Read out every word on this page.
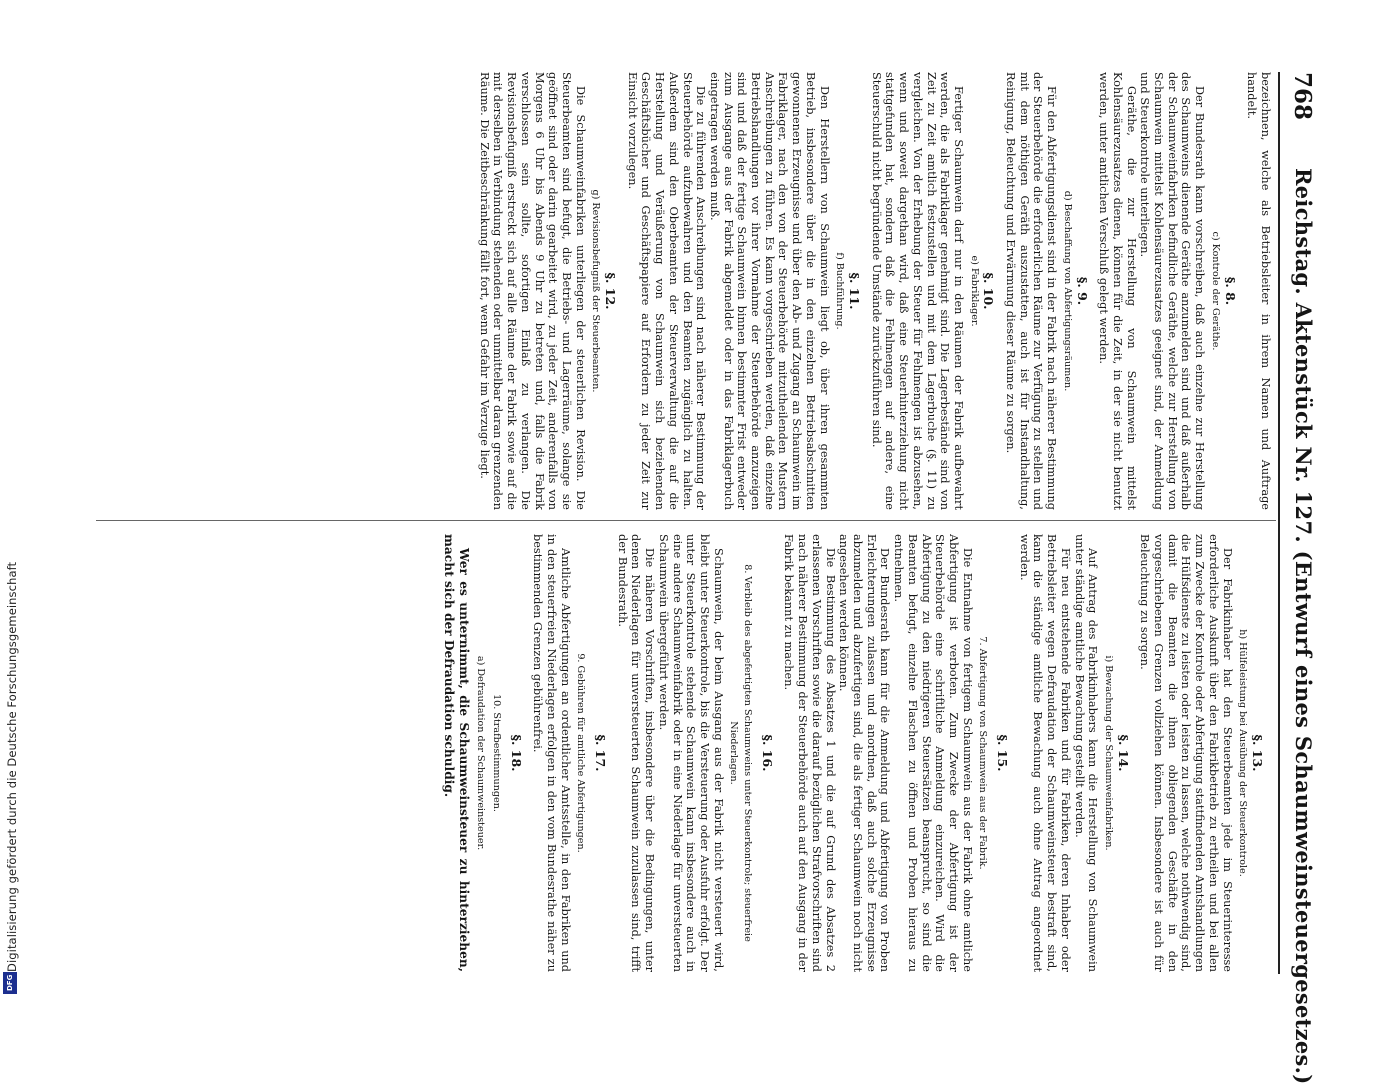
Digitalisierung gefördert durch die Deutsche Forschungsgemeinschaft
DFG
768
Reichstag. Aktenstück Nr. 127. (Entwurf eines Schaumweinsteuergesetzes.)

bezeichnen, welche als Betriebsleiter in ihrem Namen und Auftrage handelt.

§. 8.
c) Kontrole der Geräthe.

Der Bundesrath kann vorschreiben, daß auch einzelne zur Herstellung des Schaumweins dienende Geräthe anzumelden sind und daß außerhalb der Schaumweinfabriken befindliche Geräthe, welche zur Herstellung von Schaumwein mittelst Kohlensäurezusatzes geeignet sind, der Anmeldung und Steuerkontrole unterliegen.

Geräthe, die zur Herstellung von Schaumwein mittelst Kohlensäurezusatzes dienen, können für die Zeit, in der sie nicht benutzt werden, unter amtlichen Verschluß gelegt werden.

§. 9.
d) Beschaffung von Abfertigungsräumen.

Für den Abfertigungsdienst sind in der Fabrik nach näherer Bestimmung der Steuerbehörde die erforderlichen Räume zur Verfügung zu stellen und mit dem nöthigen Geräth auszustatten, auch ist für Instandhaltung, Reinigung, Beleuchtung und Erwärmung dieser Räume zu sorgen.

§. 10.
e) Fabriklager.

Fertiger Schaumwein darf nur in den Räumen der Fabrik aufbewahrt werden, die als Fabriklager genehmigt sind. Die Lagerbestände sind von Zeit zu Zeit amtlich festzustellen und mit dem Lagerbuche (§. 11) zu vergleichen. Von der Erhebung der Steuer für Fehlmengen ist abzusehen, wenn und soweit dargethan wird, daß eine Steuerhinterziehung nicht stattgefunden hat, sondern daß die Fehlmengen auf andere, eine Steuerschuld nicht begründende Umstände zurückzuführen sind.

§. 11.
f) Buchführung.

Den Herstellern von Schaumwein liegt ob, über ihren gesammten Betrieb, insbesondere über die in den einzelnen Betriebsabschnitten gewonnenen Erzeugnisse und über den Ab- und Zugang an Schaumwein im Fabriklager, nach den von der Steuerbehörde mitzutheilenden Mustern Anschreibungen zu führen. Es kann vorgeschrieben werden, daß einzelne Betriebshandlungen vor ihrer Vornahme der Steuerbehörde anzuzeigen sind und daß der fertige Schaumwein binnen bestimmter Frist entweder zum Ausgange aus der Fabrik abgemeldet oder in das Fabriklagerbuch eingetragen werden muß.

Die zu führenden Anschreibungen sind nach näherer Bestimmung der Steuerbehörde aufzubewahren und den Beamten zugänglich zu halten. Außerdem sind den Oberbeamten der Steuerverwaltung die auf die Herstellung und Veräußerung von Schaumwein sich beziehenden Geschäftsbücher und Geschäftspapiere auf Erfordern zu jeder Zeit zur Einsicht vorzulegen.

§. 12.
g) Revisionsbefugniß der Steuerbeamten.

Die Schaumweinfabriken unterliegen der steuerlichen Revision. Die Steuerbeamten sind befugt, die Betriebs- und Lagerräume, solange sie geöffnet sind oder darin gearbeitet wird, zu jeder Zeit, anderenfalls von Morgens 6 Uhr bis Abends 9 Uhr zu betreten und, falls die Fabrik verschlossen sein sollte, sofortigen Einlaß zu verlangen. Die Revisionsbefugniß erstreckt sich auf alle Räume der Fabrik sowie auf die mit derselben in Verbindung stehenden oder unmittelbar daran grenzenden Räume. Die Zeitbeschränkung fällt fort, wenn Gefahr im Verzuge liegt.

§. 13.
h) Hülfeleistung bei Ausübung der Steuerkontrole.

Der Fabrikinhaber hat den Steuerbeamten jede im Steuerinteresse erforderliche Auskunft über den Fabrikbetrieb zu ertheilen und bei allen zum Zwecke der Kontrole oder Abfertigung stattfindenden Amtshandlungen die Hülfsdienste zu leisten oder leisten zu lassen, welche nothwendig sind, damit die Beamten die ihnen obliegenden Geschäfte in den vorgeschriebenen Grenzen vollziehen können. Insbesondere ist auch für Beleuchtung zu sorgen.

§. 14.
i) Bewachung der Schaumweinfabriken.

Auf Antrag des Fabrikinhabers kann die Herstellung von Schaumwein unter ständige amtliche Bewachung gestellt werden.

Für neu entstehende Fabriken und für Fabriken, deren Inhaber oder Betriebsleiter wegen Defraudation der Schaumweinsteuer bestraft sind, kann die ständige amtliche Bewachung auch ohne Antrag angeordnet werden.

§. 15.
7. Abfertigung von Schaumwein aus der Fabrik.

Die Entnahme von fertigem Schaumwein aus der Fabrik ohne amtliche Abfertigung ist verboten. Zum Zwecke der Abfertigung ist der Steuerbehörde eine schriftliche Anmeldung einzureichen. Wird die Abfertigung zu den niedrigeren Steuersätzen beansprucht, so sind die Beamten befugt, einzelne Flaschen zu öffnen und Proben hieraus zu entnehmen.

Der Bundesrath kann für die Anmeldung und Abfertigung von Proben Erleichterungen zulassen und anordnen, daß auch solche Erzeugnisse abzumelden und abzufertigen sind, die als fertiger Schaumwein noch nicht angesehen werden können.

Die Bestimmung des Absatzes 1 und die auf Grund des Absatzes 2 erlassenen Vorschriften sowie die darauf bezüglichen Strafvorschriften sind nach näherer Bestimmung der Steuerbehörde auch auf den Ausgang in der Fabrik bekannt zu machen.

§. 16.
8. Verbleib des abgefertigten Schaumweins unter Steuerkontrole; steuerfreie Niederlagen.

Schaumwein, der beim Ausgang aus der Fabrik nicht versteuert wird, bleibt unter Steuerkontrole, bis die Versteuerung oder Ausfuhr erfolgt. Der unter Steuerkontrole stehende Schaumwein kann insbesondere auch in eine andere Schaumweinfabrik oder in eine Niederlage für unversteuerten Schaumwein übergeführt werden.

Die näheren Vorschriften, insbesondere über die Bedingungen, unter denen Niederlagen für unversteuerten Schaumwein zuzulassen sind, trifft der Bundesrath.

§. 17.
9. Gebühren für amtliche Abfertigungen.

Amtliche Abfertigungen an ordentlicher Amtsstelle, in den Fabriken und in den steuerfreien Niederlagen erfolgen in den vom Bundesrathe näher zu bestimmenden Grenzen gebührenfrei.

§. 18.
10. Strafbestimmungen.
a) Defraudation der Schaumweinsteuer.

Wer es unternimmt, die Schaumweinsteuer zu hinterziehen, macht sich der Defraudation schuldig.
